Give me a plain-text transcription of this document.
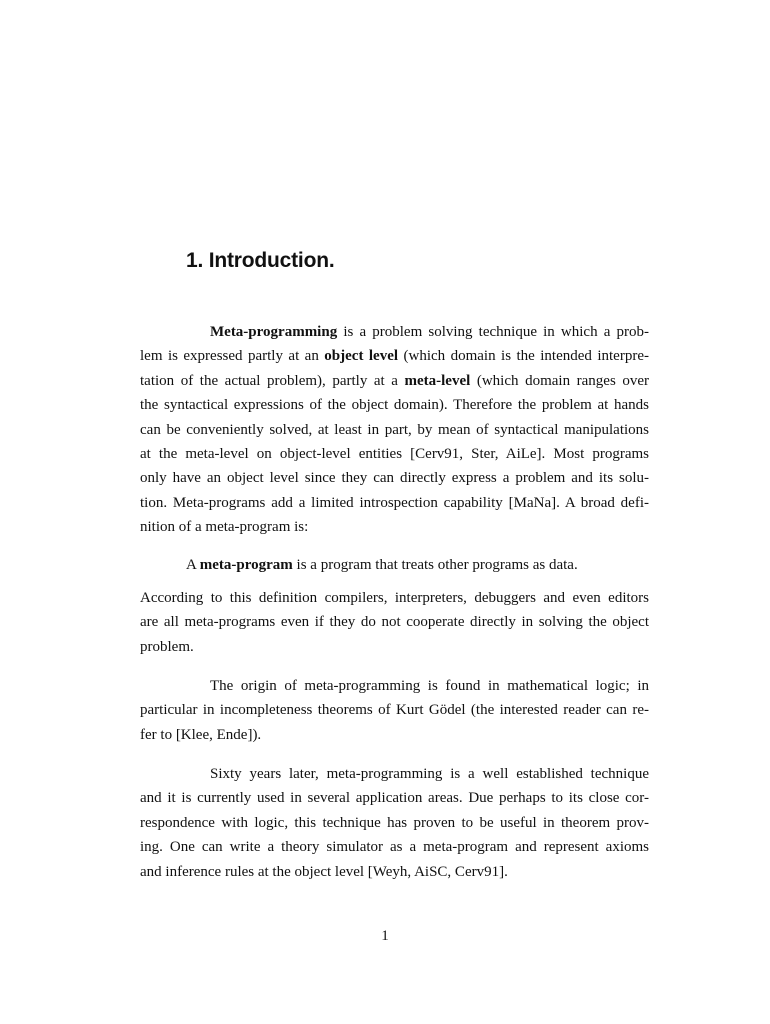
1. Introduction.
Meta-programming is a problem solving technique in which a prob-
lem is expressed partly at an object level (which domain is the intended interpre-
tation of the actual problem), partly at a meta-level (which domain ranges over
the syntactical expressions of the object domain). Therefore the problem at hands
can be conveniently solved, at least in part, by mean of syntactical manipulations
at the meta-level on object-level entities [Cerv91, Ster, AiLe]. Most programs
only have an object level since they can directly express a problem and its solu-
tion. Meta-programs add a limited introspection capability [MaNa]. A broad defi-
nition of a meta-program is:

A meta-program is a program that treats other programs as data.

According to this definition compilers, interpreters, debuggers and even editors
are all meta-programs even if they do not cooperate directly in solving the object
problem.
The origin of meta-programming is found in mathematical logic; in
particular in incompleteness theorems of Kurt Gödel (the interested reader can re-
fer to [Klee, Ende]).
Sixty years later, meta-programming is a well established technique
and it is currently used in several application areas. Due perhaps to its close cor-
respondence with logic, this technique has proven to be useful in theorem prov-
ing. One can write a theory simulator as a meta-program and represent axioms
and inference rules at the object level [Weyh, AiSC, Cerv91].
1
